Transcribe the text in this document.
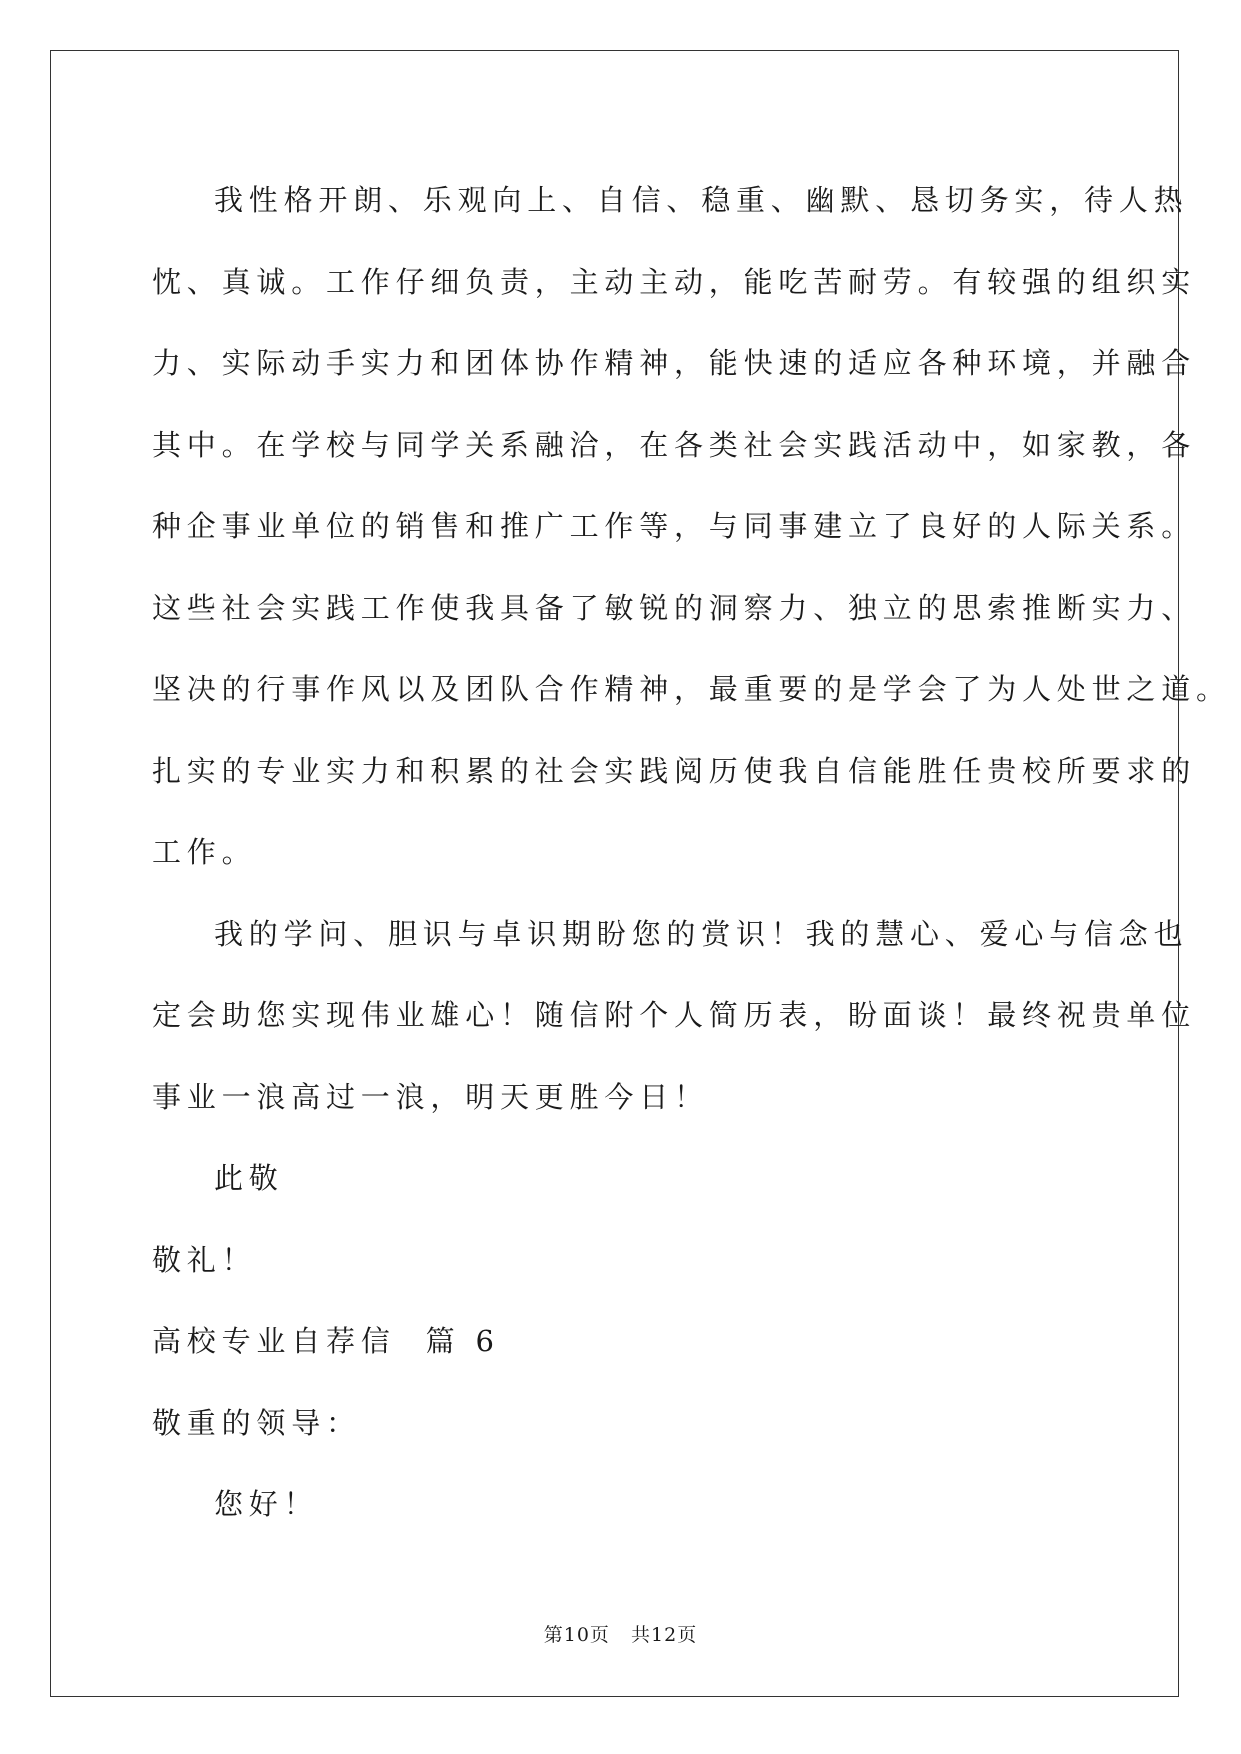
我性格开朗、乐观向上、自信、稳重、幽默、恳切务实，待人热
忱、真诚。工作仔细负责，主动主动，能吃苦耐劳。有较强的组织实
力、实际动手实力和团体协作精神，能快速的适应各种环境，并融合
其中。在学校与同学关系融洽，在各类社会实践活动中，如家教，各
种企事业单位的销售和推广工作等，与同事建立了良好的人际关系。
这些社会实践工作使我具备了敏锐的洞察力、独立的思索推断实力、
坚决的行事作风以及团队合作精神，最重要的是学会了为人处世之道。
扎实的专业实力和积累的社会实践阅历使我自信能胜任贵校所要求的
工作。
我的学问、胆识与卓识期盼您的赏识！我的慧心、爱心与信念也
定会助您实现伟业雄心！随信附个人简历表，盼面谈！最终祝贵单位
事业一浪高过一浪，明天更胜今日！
此敬
敬礼！
高校专业自荐信  篇 6
敬重的领导：
您好！
第10页   共12页
